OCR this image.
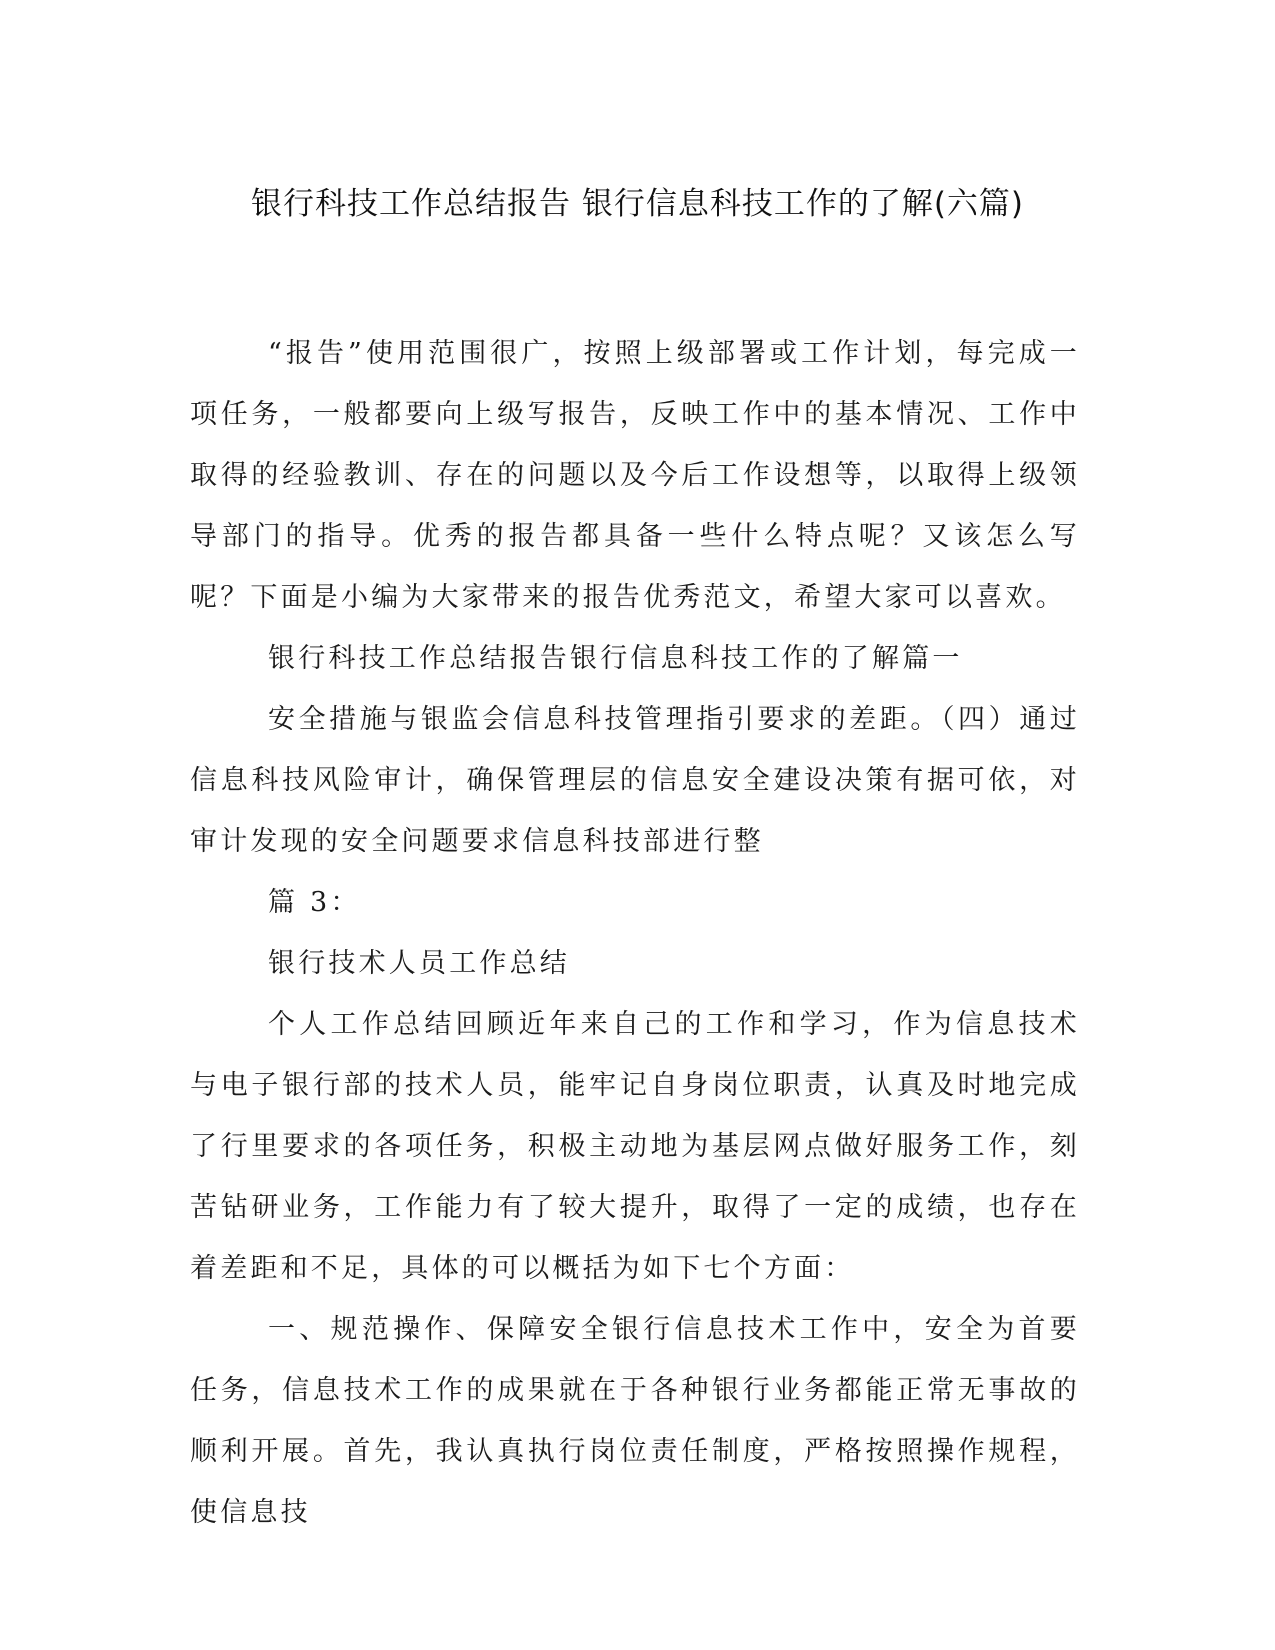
银行科技工作总结报告 银行信息科技工作的了解(六篇)

“报告”使用范围很广，按照上级部署或工作计划，每完成一项任务，一般都要向上级写报告，反映工作中的基本情况、工作中取得的经验教训、存在的问题以及今后工作设想等，以取得上级领导部门的指导。优秀的报告都具备一些什么特点呢？又该怎么写呢？下面是小编为大家带来的报告优秀范文，希望大家可以喜欢。

银行科技工作总结报告银行信息科技工作的了解篇一

安全措施与银监会信息科技管理指引要求的差距。（四）通过信息科技风险审计，确保管理层的信息安全建设决策有据可依，对审计发现的安全问题要求信息科技部进行整

篇 3：

银行技术人员工作总结

个人工作总结回顾近年来自己的工作和学习，作为信息技术与电子银行部的技术人员，能牢记自身岗位职责，认真及时地完成了行里要求的各项任务，积极主动地为基层网点做好服务工作，刻苦钻研业务，工作能力有了较大提升，取得了一定的成绩，也存在着差距和不足，具体的可以概括为如下七个方面：

一、规范操作、保障安全银行信息技术工作中，安全为首要任务，信息技术工作的成果就在于各种银行业务都能正常无事故的顺利开展。首先，我认真执行岗位责任制度，严格按照操作规程，使信息技
